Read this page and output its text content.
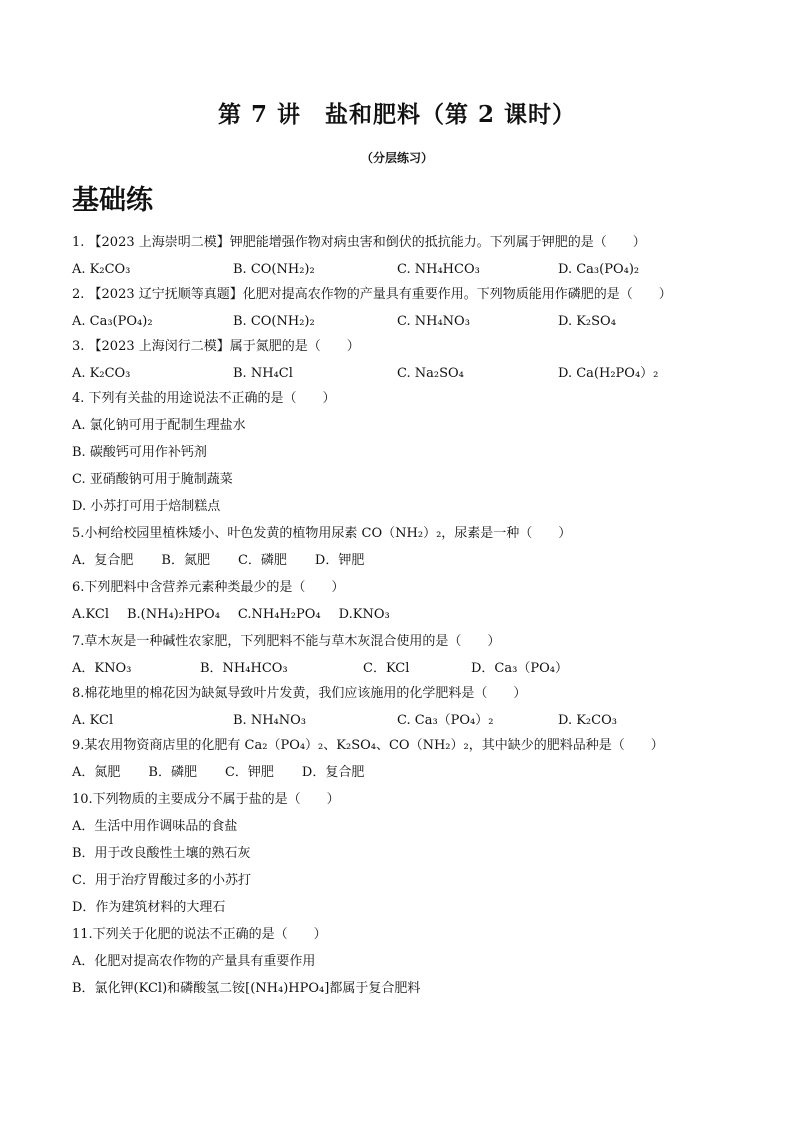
第 7 讲　盐和肥料（第 2 课时）
（分层练习）
基础练
1. 【2023 上海崇明二模】钾肥能增强作物对病虫害和倒伏的抵抗能力。下列属于钾肥的是（　　）
A. K₂CO₃	B. CO(NH₂)₂	C. NH₄HCO₃	D. Ca₃(PO₄)₂
2. 【2023 辽宁抚顺等真题】化肥对提高农作物的产量具有重要作用。下列物质能用作磷肥的是（　　）
A. Ca₃(PO₄)₂	B. CO(NH₂)₂	C. NH₄NO₃	D. K₂SO₄
3. 【2023 上海闵行二模】属于氮肥的是（　　）
A. K₂CO₃	B. NH₄Cl	C. Na₂SO₄	D. Ca(H₂PO₄）₂
4. 下列有关盐的用途说法不正确的是（　　）
A. 氯化钠可用于配制生理盐水
B. 碳酸钙可用作补钙剂
C. 亚硝酸钠可用于腌制蔬菜
D. 小苏打可用于焙制糕点
5.小柯给校园里植株矮小、叶色发黄的植物用尿素 CO（NH₂）₂，尿素是一种（　　）
A．复合肥 B．氮肥 C．磷肥 D．钾肥
6.下列肥料中含营养元素种类最少的是（　　）
A.KCl B.(NH₄)₂HPO₄ C.NH₄H₂PO₄ D.KNO₃
7.草木灰是一种碱性农家肥，下列肥料不能与草木灰混合使用的是（　　）
A．KNO₃	B．NH₄HCO₃	C．KCl	D．Ca₃（PO₄）
8.棉花地里的棉花因为缺氮导致叶片发黄，我们应该施用的化学肥料是（　　）
A. KCl	B. NH₄NO₃	C. Ca₃（PO₄）₂	D. K₂CO₃
9.某农用物资商店里的化肥有 Ca₂（PO₄）₂、K₂SO₄、CO（NH₂）₂，其中缺少的肥料品种是（　　）
A．氮肥 B．磷肥 C．钾肥 D．复合肥
10.下列物质的主要成分不属于盐的是（　　）
A．生活中用作调味品的食盐
B．用于改良酸性土壤的熟石灰
C．用于治疗胃酸过多的小苏打
D．作为建筑材料的大理石
11.下列关于化肥的说法不正确的是（　　）
A．化肥对提高农作物的产量具有重要作用
B．氯化钾(KCl)和磷酸氢二铵[(NH₄)HPO₄]都属于复合肥料
